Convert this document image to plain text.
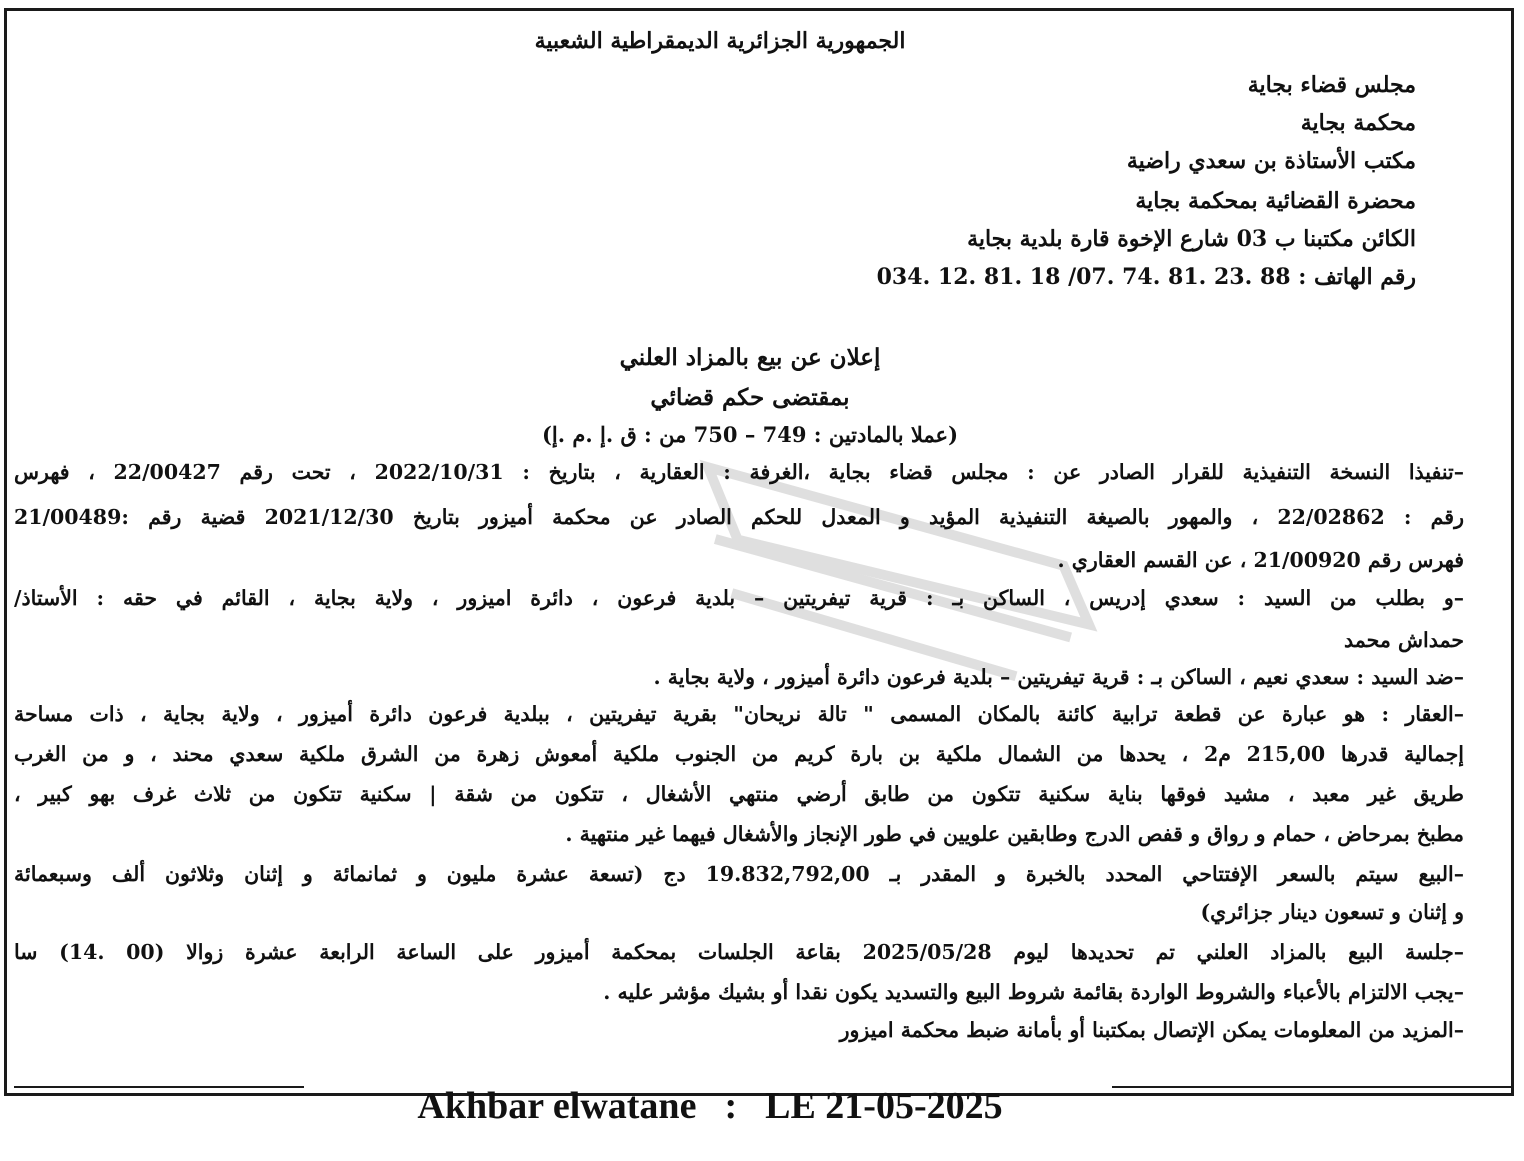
الجمهورية الجزائرية الديمقراطية الشعبية
مجلس قضاء بجاية
محكمة بجاية
مكتب الأستاذة بن سعدي راضية
محضرة القضائية بمحكمة بجاية
الكائن مكتبنا ب 03 شارع الإخوة قارة بلدية بجاية
رقم الهاتف : 88 .23 .81 .74 .07/ 18 .81 .12 .034
إعلان عن بيع بالمزاد العلني
بمقتضى حكم قضائي
(عملا بالمادتين : 749 – 750 من : ق .إ .م .إ)
–تنفيذا النسخة التنفيذية للقرار الصادر عن : مجلس قضاء بجاية ،الغرفة : العقارية ، بتاريخ : 2022/10/31 ، تحت رقم 22/00427 ، فهرس
رقم : 22/02862 ، والمهور بالصيغة التنفيذية المؤيد و المعدل للحكم الصادر عن محكمة أميزور بتاريخ 2021/12/30 قضية رقم :21/00489
فهرس رقم 21/00920 ، عن القسم العقاري .
–و بطلب من السيد : سعدي إدريس ، الساكن بـ : قرية تيفريتين – بلدية فرعون ، دائرة اميزور ، ولاية بجاية ، القائم في حقه : الأستاذ/
حمداش محمد
–ضد السيد : سعدي نعيم ، الساكن بـ : قرية تيفريتين – بلدية فرعون دائرة أميزور ، ولاية بجاية .
–العقار : هو عبارة عن قطعة ترابية كائنة بالمكان المسمى " تالة نريحان" بقرية تيفريتين ، ببلدية فرعون دائرة أميزور ، ولاية بجاية ، ذات مساحة
إجمالية قدرها 215,00 م2 ، يحدها من الشمال ملكية بن بارة كريم من الجنوب ملكية أمعوش زهرة من الشرق ملكية سعدي محند ، و من الغرب
طريق غير معبد ، مشيد فوقها بناية سكنية تتكون من طابق أرضي منتهي الأشغال ، تتكون من شقة | سكنية تتكون من ثلاث غرف بهو كبير ،
مطبخ بمرحاض ، حمام و رواق و قفص الدرج وطابقين علويين في طور الإنجاز والأشغال فيهما غير منتهية .
–البيع سيتم بالسعر الإفتتاحي المحدد بالخبرة و المقدر بـ 19.832,792,00 دج (تسعة عشرة مليون و ثمانمائة و إثنان وثلاثون ألف وسبعمائة
و إثنان و تسعون دينار جزائري)
–جلسة البيع بالمزاد العلني تم تحديدها ليوم 2025/05/28 بقاعة الجلسات بمحكمة أميزور على الساعة الرابعة عشرة زوالا (00 .14) سا
–يجب الالتزام بالأعباء والشروط الواردة بقائمة شروط البيع والتسديد يكون نقدا أو بشيك مؤشر عليه .
–المزيد من المعلومات يمكن الإتصال بمكتبنا أو بأمانة ضبط محكمة اميزور
Akhbar elwatane : LE 21-05-2025
